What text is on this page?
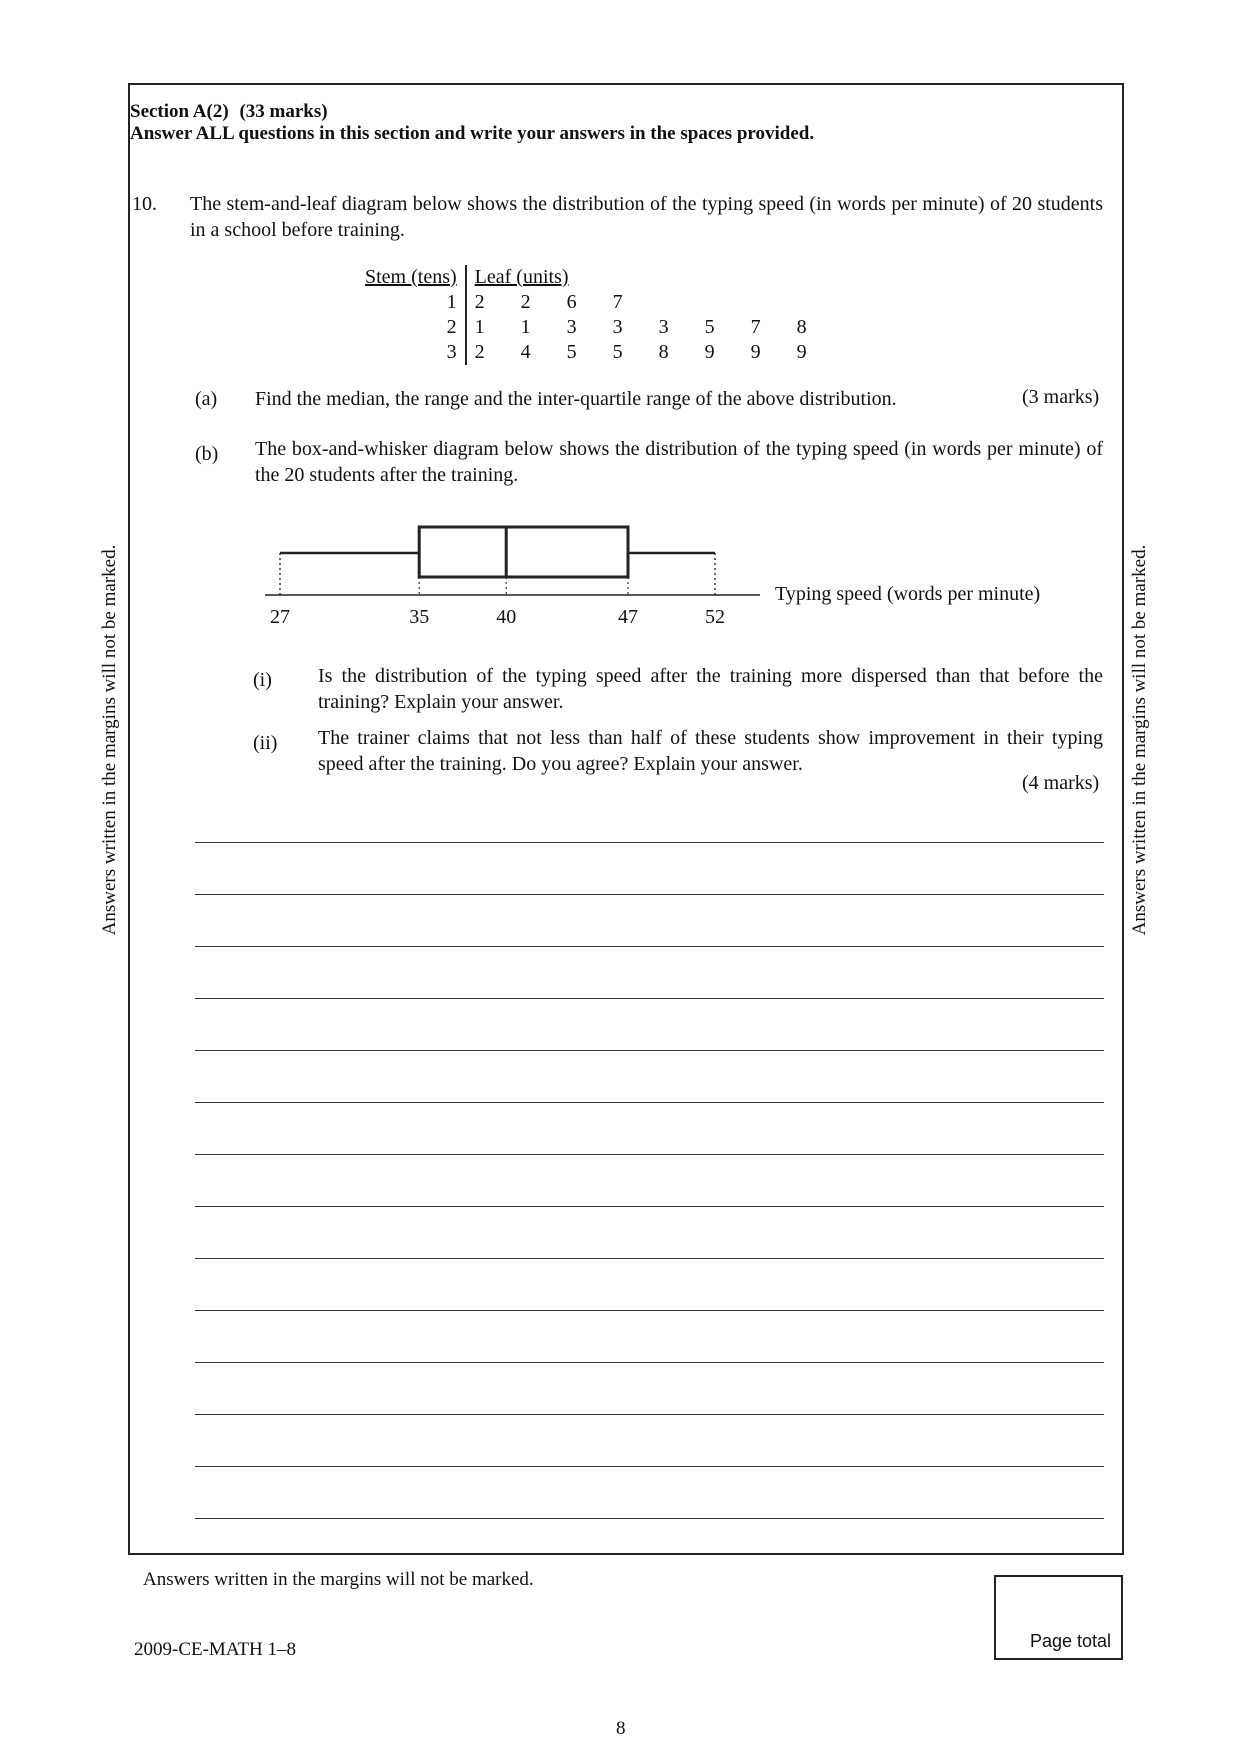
Answers written in the margins will not be marked.	Answers written in the margins will not be marked.
Section A(2) (33 marks)
Answer ALL questions in this section and write your answers in the spaces provided.
10. The stem-and-leaf diagram below shows the distribution of the typing speed (in words per minute) of 20 students in a school before training.
Stem (tens)	Leaf (units)							
1	2	2	6	7				
2	1	1	3	3	3	5	7	8
3	2	4	5	5	8	9	9	9
(a) Find the median, the range and the inter-quartile range of the above distribution.	(3 marks)
(b) The box-and-whisker diagram below shows the distribution of the typing speed (in words per minute) of the 20 students after the training.
27	35	40	47	52
Typing speed (words per minute)
(i) Is the distribution of the typing speed after the training more dispersed than that before the training? Explain your answer.
(ii) The trainer claims that not less than half of these students show improvement in their typing speed after the training. Do you agree? Explain your answer.
(4 marks)
Answers written in the margins will not be marked.
Page total
2009-CE-MATH 1–8
8
